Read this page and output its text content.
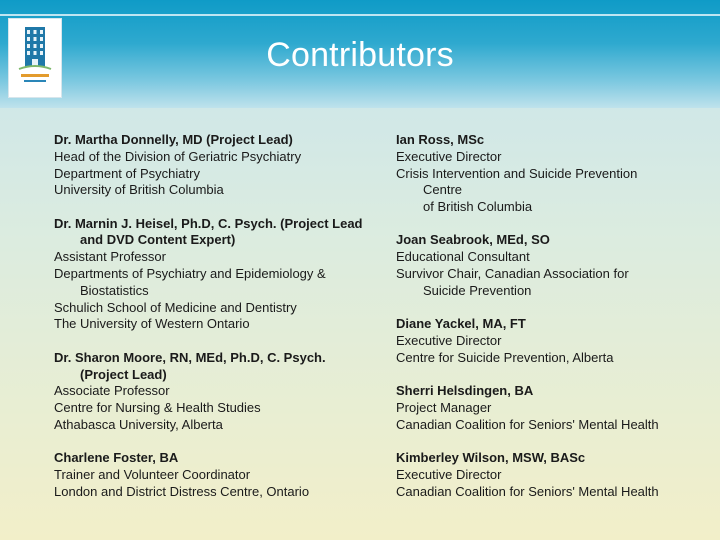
Contributors
Dr. Martha Donnelly, MD (Project Lead)
Head of the Division of Geriatric Psychiatry
Department of Psychiatry
University of British Columbia
Dr. Marnin J. Heisel, Ph.D, C. Psych. (Project Lead
and DVD Content Expert)
Assistant Professor
Departments of Psychiatry and Epidemiology &
Biostatistics
Schulich School of Medicine and Dentistry
The University of Western Ontario
Dr. Sharon Moore, RN, MEd, Ph.D, C. Psych.
(Project Lead)
Associate Professor
Centre for Nursing & Health Studies
Athabasca University, Alberta
Charlene Foster, BA
Trainer and Volunteer Coordinator
London and District Distress Centre, Ontario
Ian Ross, MSc
Executive Director
Crisis Intervention and Suicide Prevention
Centre
of British Columbia
Joan Seabrook, MEd, SO
Educational Consultant
Survivor Chair, Canadian Association for
Suicide Prevention
Diane Yackel, MA, FT
Executive Director
Centre for Suicide Prevention, Alberta
Sherri Helsdingen, BA
Project Manager
Canadian Coalition for Seniors' Mental Health
Kimberley Wilson, MSW, BASc
Executive Director
Canadian Coalition for Seniors' Mental Health
